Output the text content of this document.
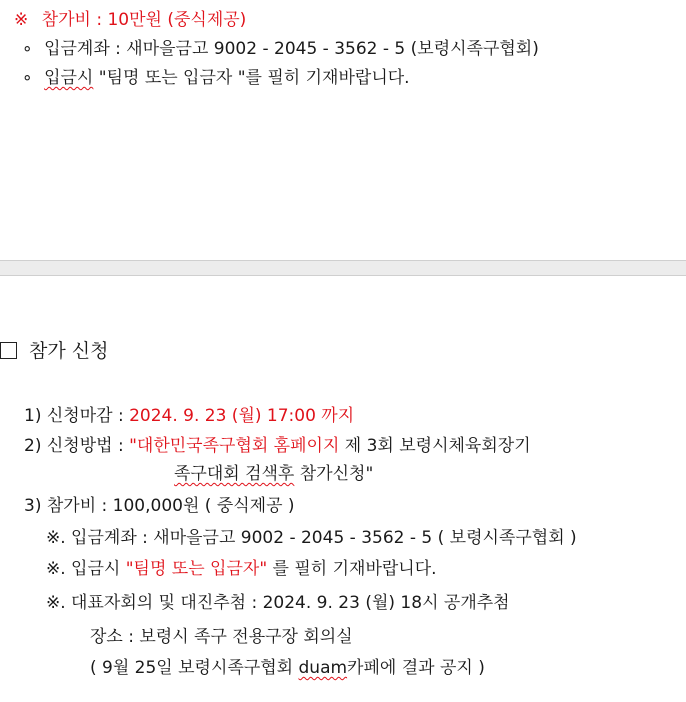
※ 참가비 : 10만원 (중식제공)
∘ 입금계좌 : 새마을금고 9002 - 2045 - 3562 - 5 (보령시족구협회)
∘ 입금시 "팀명 또는 입금자 "를 필히 기재바랍니다.
참가 신청
1) 신청마감 : 2024. 9. 23 (월) 17:00 까지
2) 신청방법 : "대한민국족구협회 홈페이지 제 3회 보령시체육회장기
족구대회 검색후 참가신청"
3) 참가비 : 100,000원 ( 중식제공 )
※. 입금계좌 : 새마을금고 9002 - 2045 - 3562 - 5 ( 보령시족구협회 )
※. 입금시 "팀명 또는 입금자" 를 필히 기재바랍니다.
※. 대표자회의 및 대진추첨 : 2024. 9. 23 (월) 18시 공개추첨
장소 : 보령시 족구 전용구장 회의실
( 9월 25일 보령시족구협회 duam카페에 결과 공지 )
